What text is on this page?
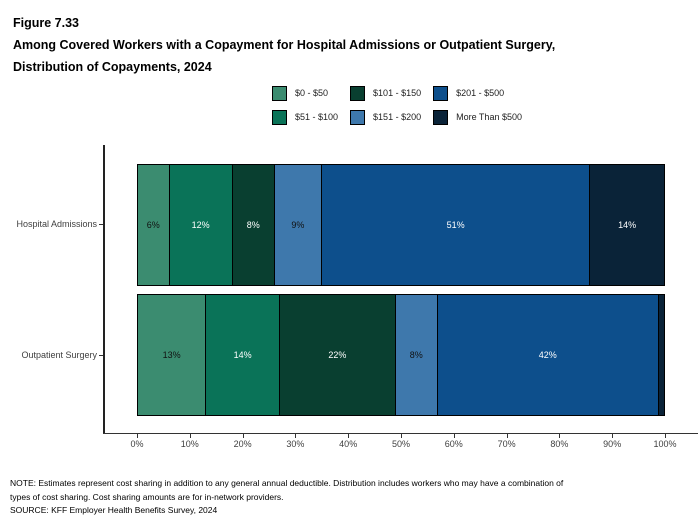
Figure 7.33
Among Covered Workers with a Copayment for Hospital Admissions or Outpatient Surgery,
Distribution of Copayments, 2024
$0 - $50
$51 - $100
$101 - $150
$151 - $200
$201 - $500
More Than $500
Hospital Admissions
Outpatient Surgery
6%	12%	8%	9%	51%	14%
13%	14%	22%	8%	42%
0%	10%	20%	30%	40%	50%	60%	70%	80%	90%	100%
NOTE: Estimates represent cost sharing in addition to any general annual deductible. Distribution includes workers who may have a combination of
types of cost sharing. Cost sharing amounts are for in-network providers.
SOURCE: KFF Employer Health Benefits Survey, 2024
